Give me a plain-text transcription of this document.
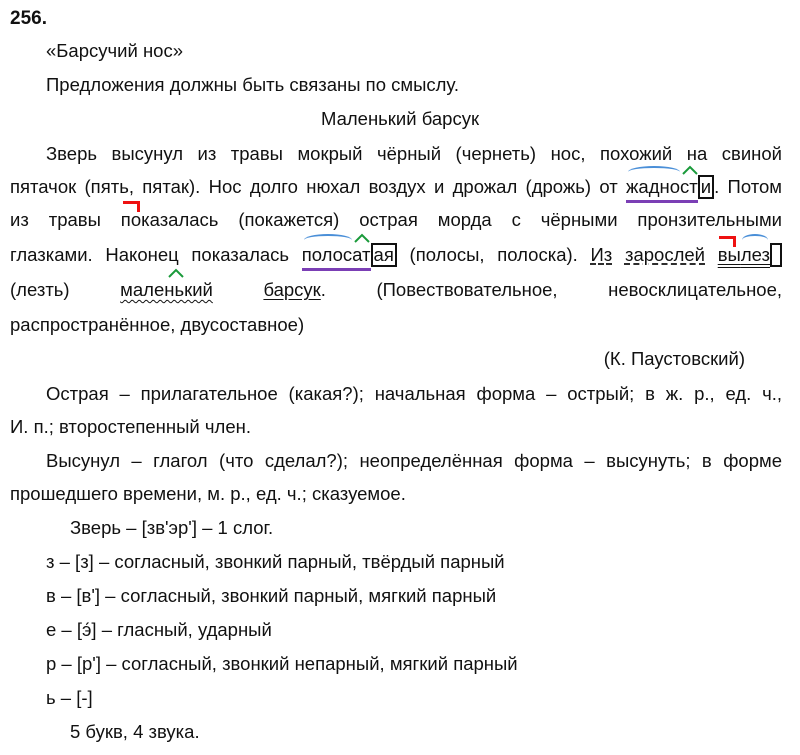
256.
«Барсучий нос»
Предложения должны быть связаны по смыслу.
Маленький барсук
Зверь высунул из травы мокрый чёрный (чернеть) нос, похожий на свиной
пятачок (пять, пятак). Нос долго нюхал воздух и дрожал (дрожь) от
жадност и . Потом
из травы
показалась (покажется) острая морда с чёрными пронзительными
глазками. Наконец показалась
полосат ая (полосы, полоска). Из зарослей вылез
(лезть)
маленький	барсук. (Повествовательное, невосклицательное,
распространённое, двусоставное)
(К. Паустовский)
Острая – прилагательное (какая?); начальная форма – острый; в ж. р., ед. ч.,
И. п.; второстепенный член.
Высунул – глагол (что сделал?); неопределённая форма – высунуть; в форме
прошедшего времени, м. р., ед. ч.; сказуемое.
Зверь – [зв'эр'] – 1 слог.
з – [з] – согласный, звонкий парный, твёрдый парный
в – [в'] – согласный, звонкий парный, мягкий парный
е – [э́] – гласный, ударный
р – [р'] – согласный, звонкий непарный, мягкий парный
ь – [-]
5 букв, 4 звука.
